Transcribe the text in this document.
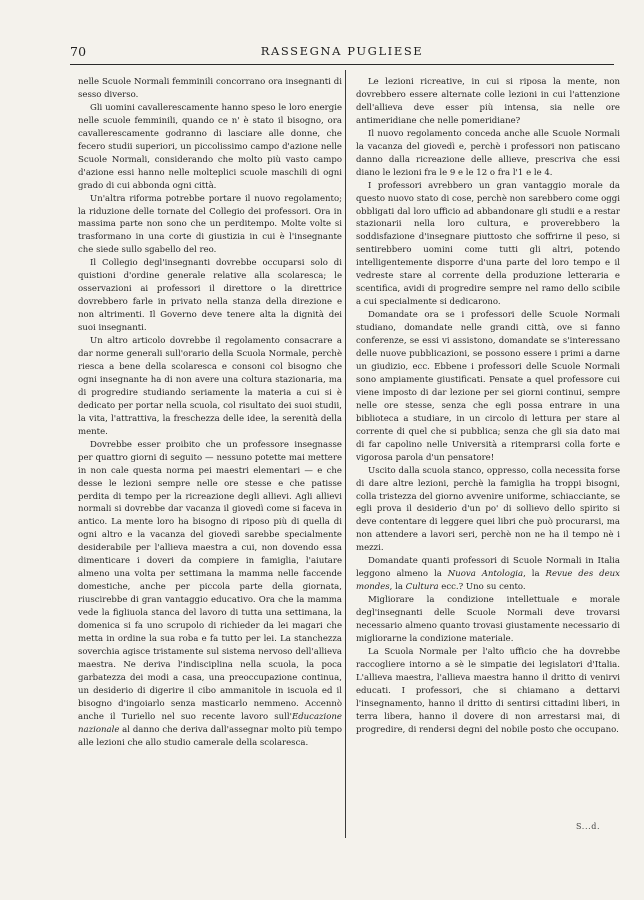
70	RASSEGNA PUGLIESE

nelle Scuole Normali femminili concorrano ora insegnanti di sesso diverso.

Gli uomini cavallerescamente hanno speso le loro energie nelle scuole femminili, quando ce n' è stato il bisogno, ora cavallerescamente godranno di lasciare alle donne, che fecero studii superiori, un piccolissimo campo d'azione nelle Scuole Normali, considerando che molto più vasto campo d'azione essi hanno nelle molteplici scuole maschili di ogni grado di cui abbonda ogni città.

Un'altra riforma potrebbe portare il nuovo regolamento; la riduzione delle tornate del Collegio dei professori. Ora in massima parte non sono che un perditempo. Molte volte si trasformano in una corte di giustizia in cui è l'insegnante che siede sullo sgabello del reo.

Il Collegio degl'insegnanti dovrebbe occuparsi solo di quistioni d'ordine generale relative alla scolaresca; le osservazioni ai professori il direttore o la direttrice dovrebbero farle in privato nella stanza della direzione e non altrimenti. Il Governo deve tenere alta la dignità dei suoi insegnanti.

Un altro articolo dovrebbe il regolamento consacrare a dar norme generali sull'orario della Scuola Normale, perchè riesca a bene della scolaresca e consoni col bisogno che ogni insegnante ha di non avere una coltura stazionaria, ma di progredire studiando seriamente la materia a cui si è dedicato per portar nella scuola, col risultato dei suoi studii, la vita, l'attrattiva, la freschezza delle idee, la serenità della mente.

Dovrebbe esser proibito che un professore insegnasse per quattro giorni di seguito — nessuno potette mai mettere in non cale questa norma pei maestri elementari — e che desse le lezioni sempre nelle ore stesse e che patisse perdita di tempo per la ricreazione degli allievi. Agli allievi normali si dovrebbe dar vacanza il giovedì come si faceva in antico. La mente loro ha bisogno di riposo più di quella di ogni altro e la vacanza del giovedì sarebbe specialmente desiderabile per l'allieva maestra a cui, non dovendo essa dimenticare i doveri da compiere in famiglia, l'aiutare almeno una volta per settimana la mamma nelle faccende domestiche, anche per piccola parte della giornata, riuscirebbe di gran vantaggio educativo. Ora che la mamma vede la figliuola stanca del lavoro di tutta una settimana, la domenica si fa uno scrupolo di richieder da lei magari che metta in ordine la sua roba e fa tutto per lei. La stanchezza soverchia agisce tristamente sul sistema nervoso dell'allieva maestra. Ne deriva l'indisciplina nella scuola, la poca garbatezza dei modi a casa, una preoccupazione continua, un desiderio di digerire il cibo ammanitole in iscuola ed il bisogno d'ingoiarlo senza masticarlo nemmeno. Accennò anche il Turiello nel suo recente lavoro sull'Educazione nazionale al danno che deriva dall'assegnar molto più tempo alle lezioni che allo studio camerale della scolaresca.

Le lezioni ricreative, in cui si riposa la mente, non dovrebbero essere alternate colle lezioni in cui l'attenzione dell'allieva deve esser più intensa, sia nelle ore antimeridiane che nelle pomeridiane?

Il nuovo regolamento conceda anche alle Scuole Normali la vacanza del giovedì e, perchè i professori non patiscano danno dalla ricreazione delle allieve, prescriva che essi diano le lezioni fra le 9 e le 12 o fra l'1 e le 4.

I professori avrebbero un gran vantaggio morale da questo nuovo stato di cose, perchè non sarebbero come oggi obbligati dal loro ufficio ad abbandonare gli studii e a restar stazionarii nella loro cultura, e proverebbero la soddisfazione d'insegnare piuttosto che soffrirne il peso, si sentirebbero uomini come tutti gli altri, potendo intelligentemente disporre d'una parte del loro tempo e il vedreste stare al corrente della produzione letteraria e scentifica, avidi di progredire sempre nel ramo dello scibile a cui specialmente si dedicarono.

Domandate ora se i professori delle Scuole Normali studiano, domandate nelle grandi città, ove si fanno conferenze, se essi vi assistono, domandate se s'interessano delle nuove pubblicazioni, se possono essere i primi a darne un giudizio, ecc. Ebbene i professori delle Scuole Normali sono ampiamente giustificati. Pensate a quel professore cui viene imposto di dar lezione per sei giorni continui, sempre nelle ore stesse, senza che egli possa entrare in una biblioteca a studiare, in un circolo di lettura per stare al corrente di quel che si pubblica; senza che gli sia dato mai di far capolino nelle Università a ritemprarsi colla forte e vigorosa parola d'un pensatore!

Uscito dalla scuola stanco, oppresso, colla necessita forse di dare altre lezioni, perchè la famiglia ha troppi bisogni, colla tristezza del giorno avvenire uniforme, schiacciante, se egli prova il desiderio d'un po' di sollievo dello spirito si deve contentare di leggere quei libri che può procurarsi, ma non attendere a lavori seri, perchè non ne ha il tempo nè i mezzi.

Domandate quanti professori di Scuole Normali in Italia leggono almeno la Nuova Antologia, la Revue des deux mondes, la Cultura ecc.? Uno su cento.

Migliorare la condizione intellettuale e morale degl'insegnanti delle Scuole Normali deve trovarsi necessario almeno quanto trovasi giustamente necessario di migliorarne la condizione materiale.

La Scuola Normale per l'alto ufficio che ha dovrebbe raccogliere intorno a sè le simpatie dei legislatori d'Italia. L'allieva maestra, l'allieva maestra hanno il dritto di venirvi educati. I professori, che si chiamano a dettarvi l'insegnamento, hanno il dritto di sentirsi cittadini liberi, in terra libera, hanno il dovere di non arrestarsi mai, di progredire, di rendersi degni del nobile posto che occupano.

S...d.
